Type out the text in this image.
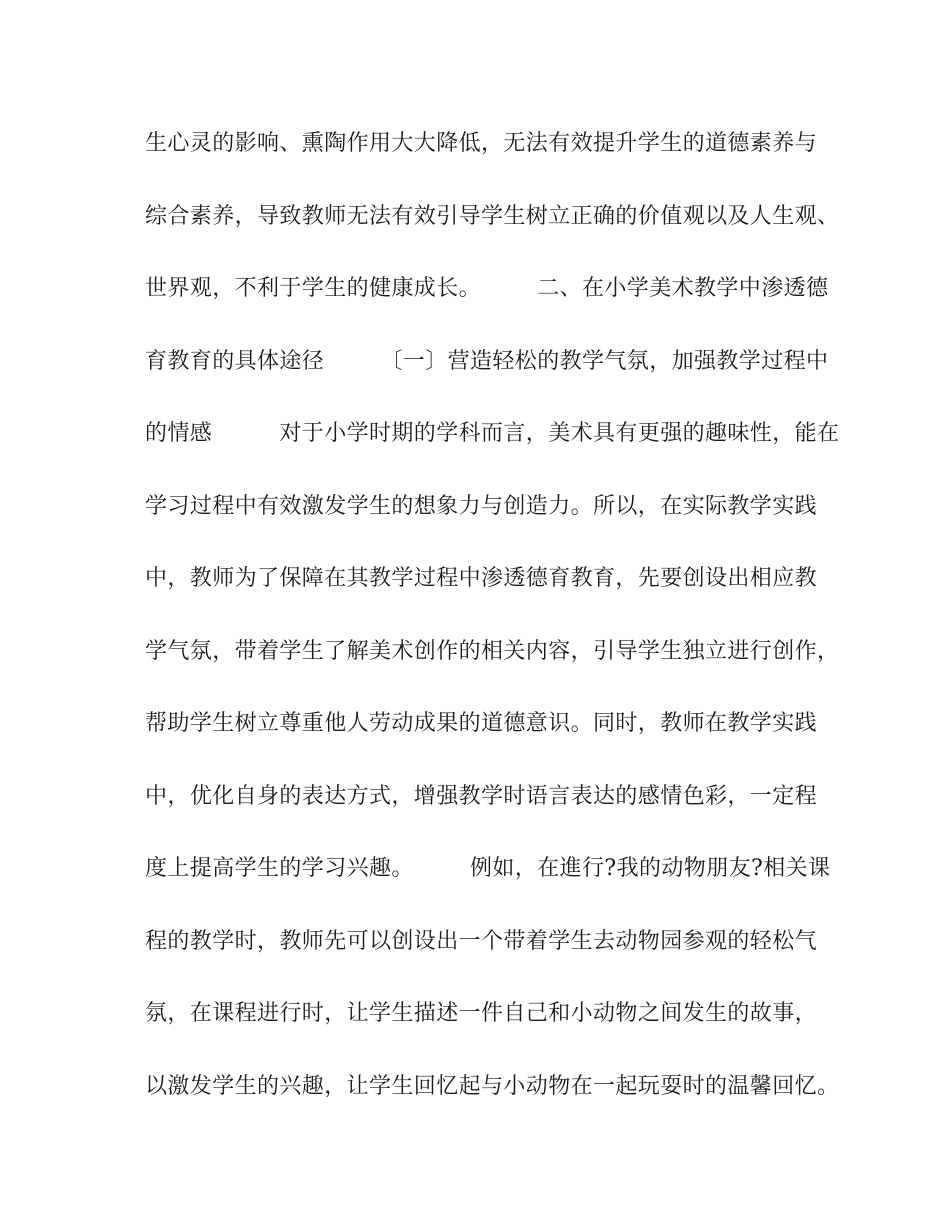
生心灵的影响、熏陶作用大大降低，无法有效提升学生的道德素养与
综合素养，导致教师无法有效引导学生树立正确的价值观以及人生观、
世界观，不利于学生的健康成长。　　　二、在小学美术教学中渗透德
育教育的具体途径　　　〔一〕营造轻松的教学气氛，加强教学过程中
的情感　　　对于小学时期的学科而言，美术具有更强的趣味性，能在
学习过程中有效激发学生的想象力与创造力。所以，在实际教学实践
中，教师为了保障在其教学过程中渗透德育教育，先要创设出相应教
学气氛，带着学生了解美术创作的相关内容，引导学生独立进行创作，
帮助学生树立尊重他人劳动成果的道德意识。同时，教师在教学实践
中，优化自身的表达方式，增强教学时语言表达的感情色彩，一定程
度上提高学生的学习兴趣。　　　例如，在進行?我的动物朋友?相关课
程的教学时，教师先可以创设出一个带着学生去动物园参观的轻松气
氛，在课程进行时，让学生描述一件自己和小动物之间发生的故事，
以激发学生的兴趣，让学生回忆起与小动物在一起玩耍时的温馨回忆。
